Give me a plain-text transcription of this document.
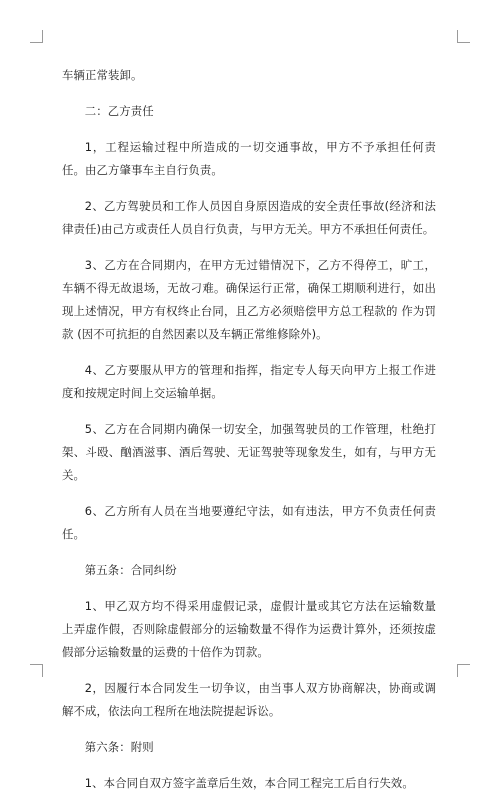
车辆正常装卸。

二：乙方责任

1，工程运输过程中所造成的一切交通事故，甲方不予承担任何责任。由乙方肇事车主自行负责。

2、乙方驾驶员和工作人员因自身原因造成的安全责任事故(经济和法律责任)由己方或责任人员自行负责，与甲方无关。甲方不承担任何责任。

3、乙方在合同期内，在甲方无过错情况下，乙方不得停工，旷工，车辆不得无故退场，无故刁难。确保运行正常，确保工期顺利进行，如出现上述情况，甲方有权终止台同，且乙方必须赔偿甲方总工程款的 作为罚款 (因不可抗拒的自然因素以及车辆正常维修除外)。

4、乙方要服从甲方的管理和指挥，指定专人每天向甲方上报工作进度和按规定时间上交运输单据。

5、乙方在合同期内确保一切安全，加强驾驶员的工作管理，杜绝打架、斗殴、酗酒滋事、酒后驾驶、无证驾驶等现象发生，如有，与甲方无关。

6、乙方所有人员在当地要遵纪守法，如有违法，甲方不负责任何责任。

第五条：合同纠纷

1、甲乙双方均不得采用虚假记录，虚假计量或其它方法在运输数量上弄虚作假，否则除虚假部分的运输数量不得作为运费计算外，还须按虚假部分运输数量的运费的十倍作为罚款。

2，因履行本合同发生一切争议，由当事人双方协商解决，协商或调解不成，依法向工程所在地法院提起诉讼。

第六条：附则

1、本合同自双方签字盖章后生效，本合同工程完工后自行失效。
